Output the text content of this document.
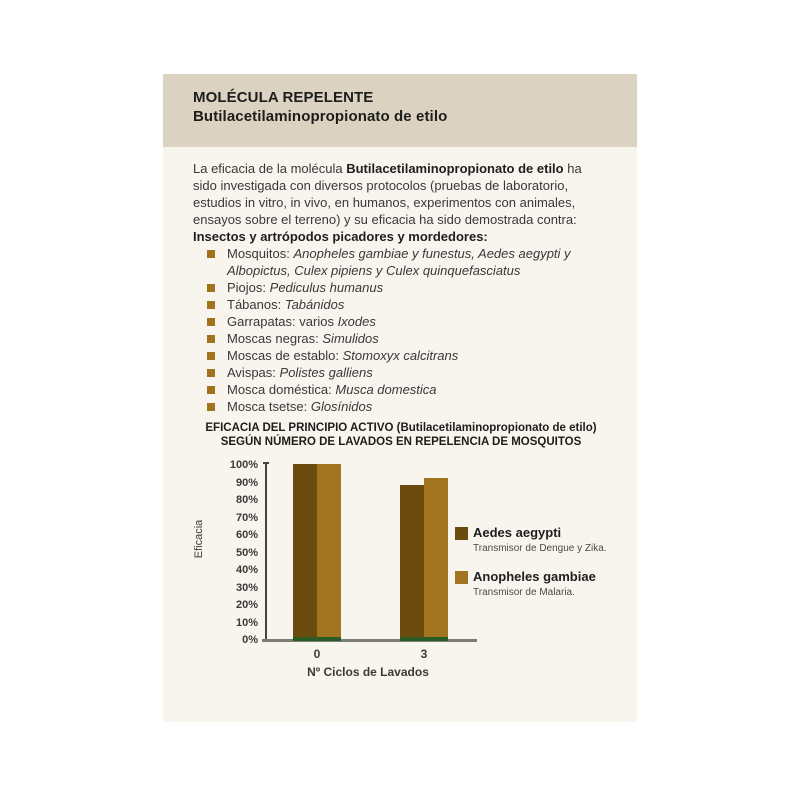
MOLÉCULA REPELENTE
Butilacetilaminopropionato de etilo

La eficacia de la molécula Butilacetilaminopropionato de etilo ha sido investigada con diversos protocolos (pruebas de laboratorio, estudios in vitro, in vivo, en humanos, experimentos con animales, ensayos sobre el terreno) y su eficacia ha sido demostrada contra:

Insectos y artrópodos picadores y mordedores:
Mosquitos: Anopheles gambiae y funestus, Aedes aegypti y Albopictus, Culex pipiens y Culex quinquefasciatus
Piojos: Pediculus humanus
Tábanos: Tabánidos
Garrapatas: varios Ixodes
Moscas negras: Simulidos
Moscas de establo: Stomoxyx calcitrans
Avispas: Polistes galliens
Mosca doméstica: Musca domestica
Mosca tsetse: Glosínidos
EFICACIA DEL PRINCIPIO ACTIVO (Butilacetilaminopropionato de etilo)
SEGÚN NÚMERO DE LAVADOS EN REPELENCIA DE MOSQUITOS
Eficacia
100%
90%
80%
70%
60%
50%
40%
30%
20%
10%
0%
Nº Ciclos de Lavados
Aedes aegypti
Transmisor de Dengue y Zika.
Anopheles gambiae
Transmisor de Malaria.
0	3
